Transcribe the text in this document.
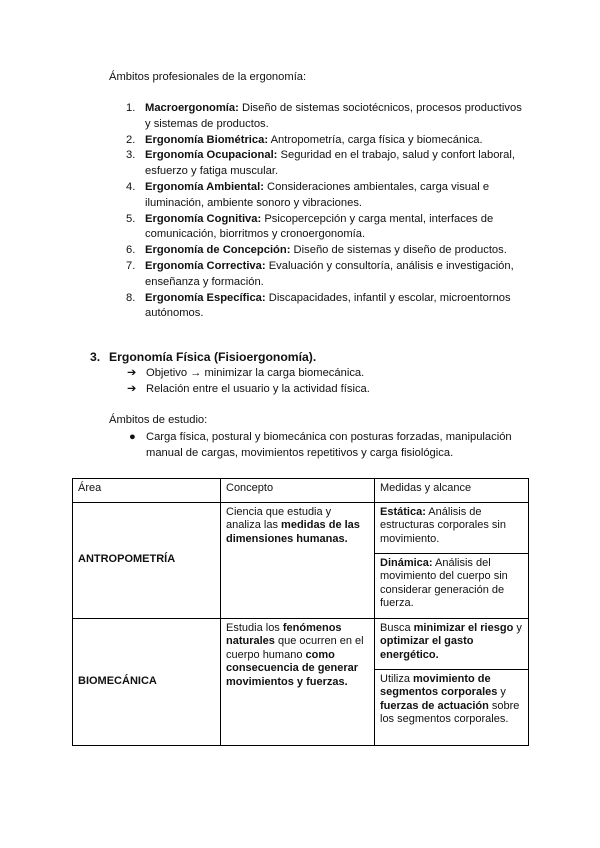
Ámbitos profesionales de la ergonomía:

1. Macroergonomía: Diseño de sistemas sociotécnicos, procesos productivos y sistemas de productos.
2. Ergonomía Biométrica: Antropometría, carga física y biomecánica.
3. Ergonomía Ocupacional: Seguridad en el trabajo, salud y confort laboral, esfuerzo y fatiga muscular.
4. Ergonomía Ambiental: Consideraciones ambientales, carga visual e iluminación, ambiente sonoro y vibraciones.
5. Ergonomía Cognitiva: Psicopercepción y carga mental, interfaces de comunicación, biorritmos y cronoergonomía.
6. Ergonomía de Concepción: Diseño de sistemas y diseño de productos.
7. Ergonomía Correctiva: Evaluación y consultoría, análisis e investigación, enseñanza y formación.
8. Ergonomía Específica: Discapacidades, infantil y escolar, microentornos autónomos.

3. Ergonomía Física (Fisioergonomía).

➔ Objetivo → minimizar la carga biomecánica.
➔ Relación entre el usuario y la actividad física.

Ámbitos de estudio:

● Carga física, postural y biomecánica con posturas forzadas, manipulación manual de cargas, movimientos repetitivos y carga fisiológica.
Área	Concepto	Medidas y alcance
ANTROPOMETRÍA	Ciencia que estudia y analiza las medidas de las dimensiones humanas.	Estática: Análisis de estructuras corporales sin movimiento.
		Dinámica: Análisis del movimiento del cuerpo sin considerar generación de fuerza.
BIOMECÁNICA	Estudia los fenómenos naturales que ocurren en el cuerpo humano como consecuencia de generar movimientos y fuerzas.	Busca minimizar el riesgo y optimizar el gasto energético.
		Utiliza movimiento de segmentos corporales y fuerzas de actuación sobre los segmentos corporales.
